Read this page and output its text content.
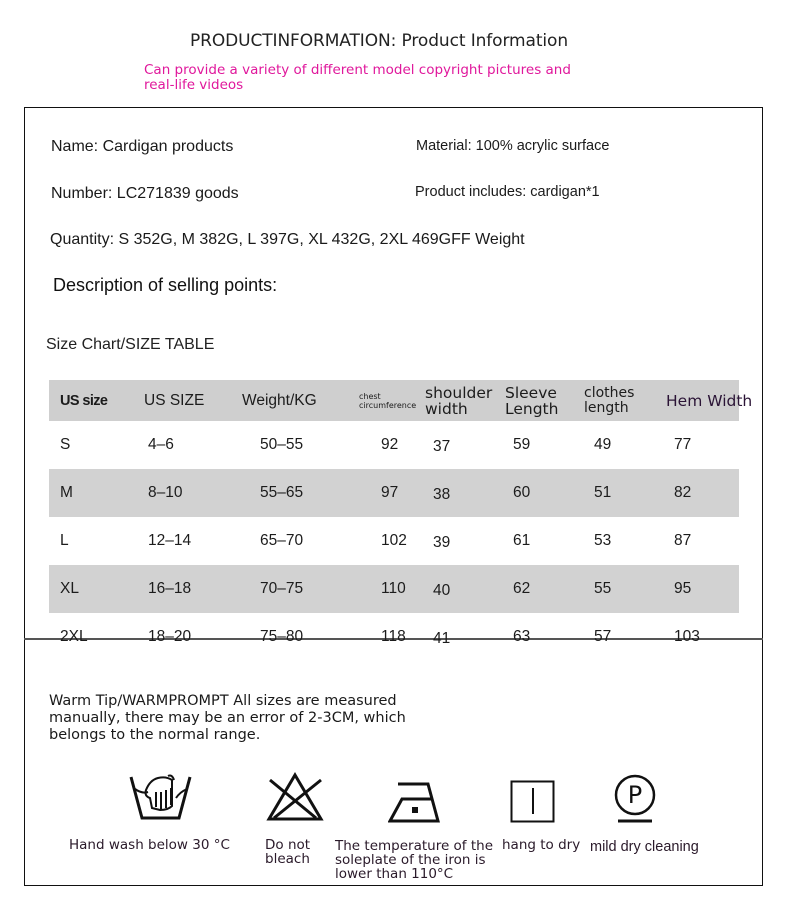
PRODUCTINFORMATION: Product Information
Can provide a variety of different model copyright pictures and real-life videos
Name: Cardigan products
Number: LC271839 goods
Material: 100% acrylic surface
Product includes: cardigan*1
Quantity: S 352G, M 382G, L 397G, XL 432G, 2XL 469GFF Weight
Description of selling points:
Size Chart/SIZE TABLE
US size	US SIZE	Weight/KG	chest circumference	shoulder width	Sleeve Length	clothes length	Hem Width
S	4–6	50–55	92	37	59	49	77
M	8–10	55–65	97	38	60	51	82
L	12–14	65–70	102	39	61	53	87
XL	16–18	70–75	110	40	62	55	95
2XL	18–20	75–80	118	41	63	57	103
Warm Tip/WARMPROMPT All sizes are measured manually, there may be an error of 2-3CM, which belongs to the normal range.
Hand wash below 30 °C	Do not bleach
The temperature of the soleplate of the iron is lower than 110°C
hang to dry
P
mild dry cleaning
